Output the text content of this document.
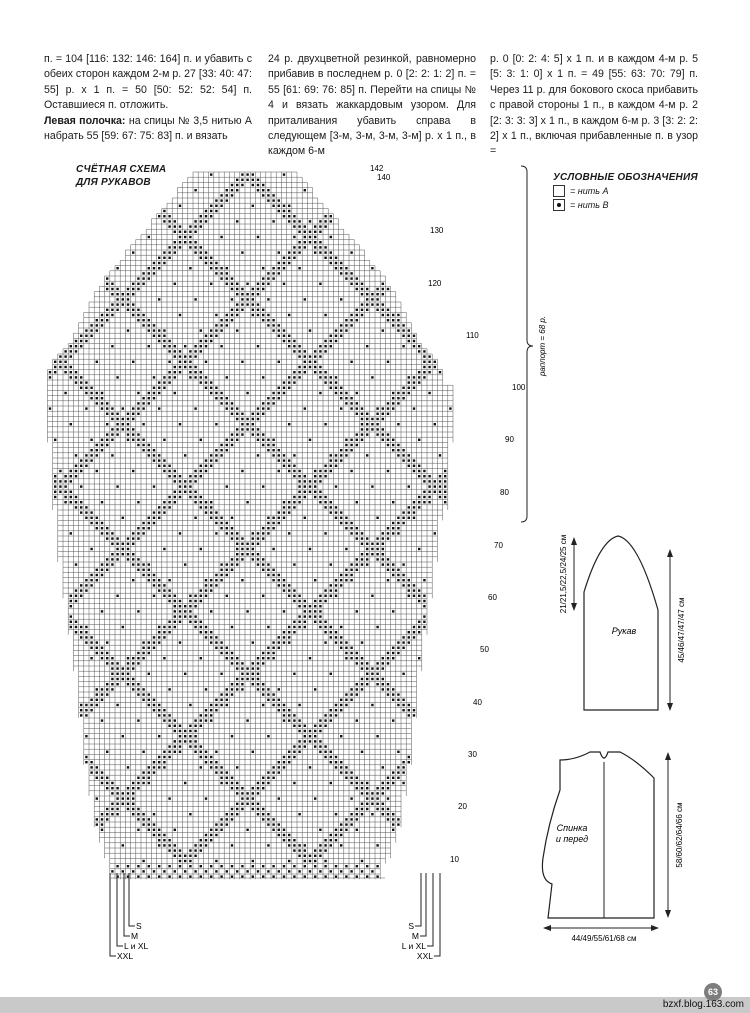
п. = 104 [116: 132: 146: 164] п. и убавить с обеих сторон каждом 2-м р. 27 [33: 40: 47: 55] р. х 1 п. = 50 [50: 52: 52: 54] п. Оставшиеся п. отложить.
Левая полочка: на спицы № 3,5 нитью А набрать 55 [59: 67: 75: 83] п. и вязать

24 р. двухцветной резинкой, равномерно прибавив в последнем р. 0 [2: 2: 1: 2] п. = 55 [61: 69: 76: 85] п. Перейти на спицы № 4 и вязать жаккардовым узором. Для приталивания убавить справа в следующем [3-м, 3-м, 3-м, 3-м] р. х 1 п., в каждом 6-м

р. 0 [0: 2: 4: 5] х 1 п. и в каждом 4-м р. 5 [5: 3: 1: 0] х 1 п. = 49 [55: 63: 70: 79] п. Через 11 р. для бокового скоса прибавить с правой стороны 1 п., в каждом 4-м р. 2 [2: 3: 3: 3] х 1 п., в каждом 6-м р. 3 [3: 2: 2: 2] х 1 п., включая прибавленные п. в узор =

СЧЁТНАЯ СХЕМА
ДЛЯ РУКАВОВ	УСЛОВНЫЕ ОБОЗНАЧЕНИЯ
= нить А
= нить В
142
140
130
120
110
100
90
80
70
60
50
40
30
20
10
раппорт = 68 р.
S
M
L и XL
XXL
S
M
L и XL
XXL
21/21,5/22,5/24/25 см
45/46/47/47/47 см
Рукав
58/60/62/64/66 см
44/49/55/61/68 см
Спинка
и перед
63
bzxf.blog.163.com
